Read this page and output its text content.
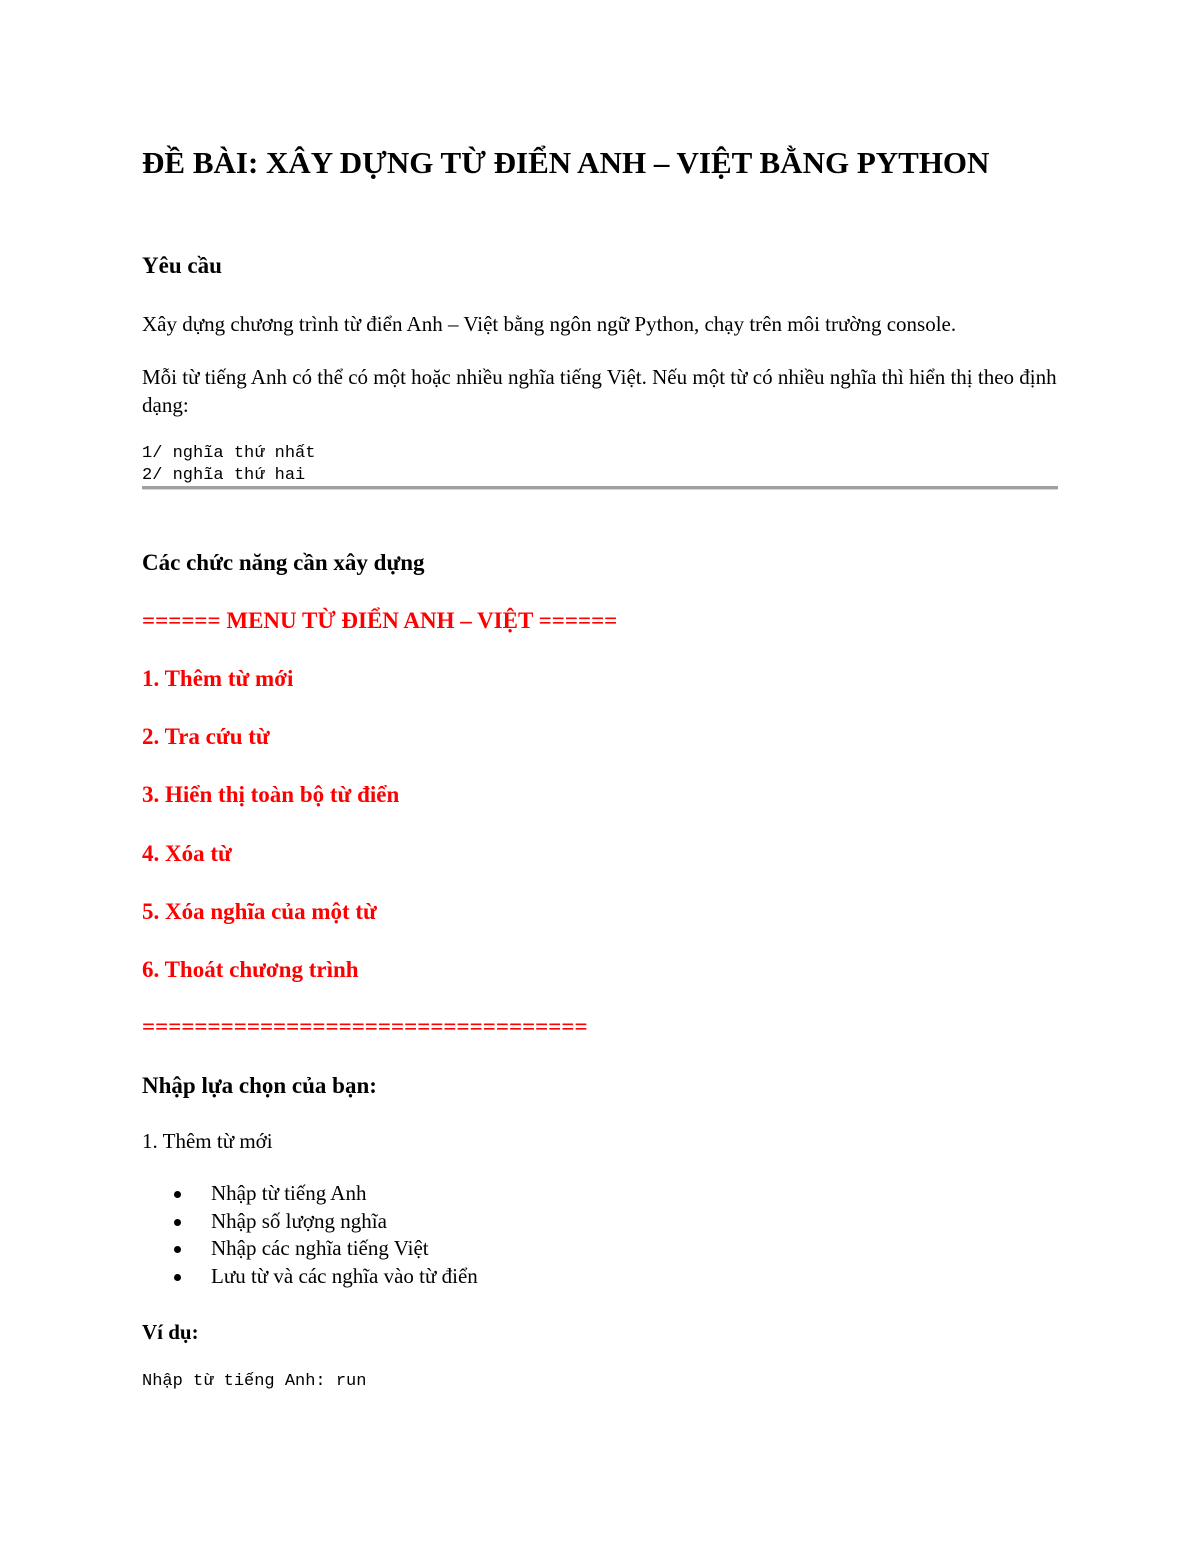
ĐỀ BÀI: XÂY DỰNG TỪ ĐIỂN ANH – VIỆT BẰNG PYTHON
Yêu cầu

Xây dựng chương trình từ điển Anh – Việt bằng ngôn ngữ Python, chạy trên môi trường console.

Mỗi từ tiếng Anh có thể có một hoặc nhiều nghĩa tiếng Việt. Nếu một từ có nhiều nghĩa thì hiển thị theo định dạng:

1/ nghĩa thứ nhất
2/ nghĩa thứ hai
Các chức năng cần xây dựng
====== MENU TỪ ĐIỂN ANH – VIỆT ======
1. Thêm từ mới
2. Tra cứu từ
3. Hiển thị toàn bộ từ điển
4. Xóa từ
5. Xóa nghĩa của một từ
6. Thoát chương trình
==================================
Nhập lựa chọn của bạn:

1. Thêm từ mới

Nhập từ tiếng Anh
Nhập số lượng nghĩa
Nhập các nghĩa tiếng Việt
Lưu từ và các nghĩa vào từ điển
Ví dụ:
Nhập từ tiếng Anh: run
